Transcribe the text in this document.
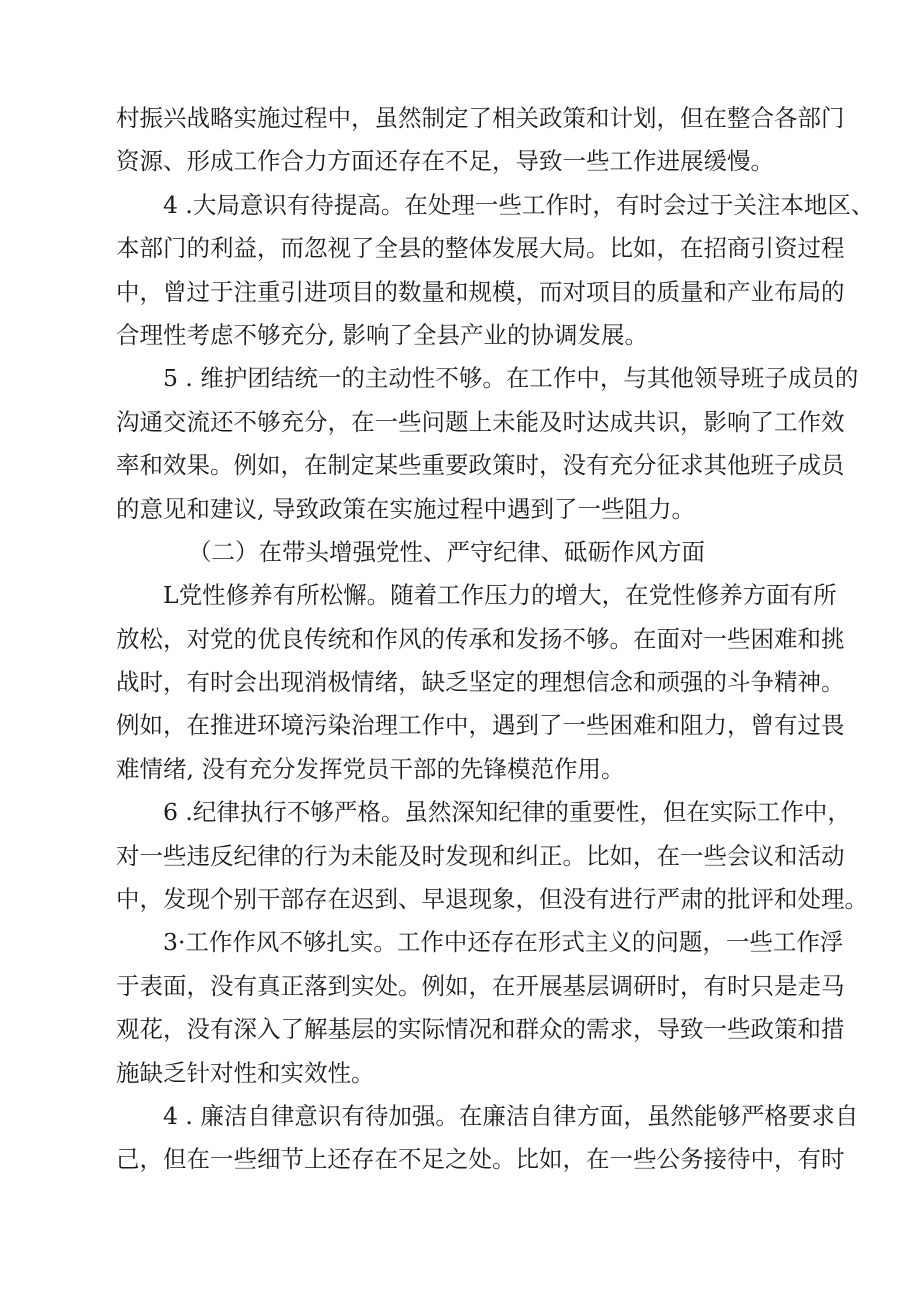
村振兴战略实施过程中，虽然制定了相关政策和计划，但在整合各部门
资源、形成工作合力方面还存在不足，导致一些工作进展缓慢。
4 .大局意识有待提高。在处理一些工作时，有时会过于关注本地区、
本部门的利益，而忽视了全县的整体发展大局。比如，在招商引资过程
中，曾过于注重引进项目的数量和规模，而对项目的质量和产业布局的
合理性考虑不够充分, 影响了全县产业的协调发展。
5 . 维护团结统一的主动性不够。在工作中，与其他领导班子成员的
沟通交流还不够充分，在一些问题上未能及时达成共识，影响了工作效
率和效果。例如，在制定某些重要政策时，没有充分征求其他班子成员
的意见和建议, 导致政策在实施过程中遇到了一些阻力。
（二）在带头增强党性、严守纪律、砥砺作风方面
L党性修养有所松懈。随着工作压力的增大，在党性修养方面有所
放松，对党的优良传统和作风的传承和发扬不够。在面对一些困难和挑
战时，有时会出现消极情绪，缺乏坚定的理想信念和顽强的斗争精神。
例如，在推进环境污染治理工作中，遇到了一些困难和阻力，曾有过畏
难情绪, 没有充分发挥党员干部的先锋模范作用。
6 .纪律执行不够严格。虽然深知纪律的重要性，但在实际工作中，
对一些违反纪律的行为未能及时发现和纠正。比如，在一些会议和活动
中，发现个别干部存在迟到、早退现象，但没有进行严肃的批评和处理。
3·工作作风不够扎实。工作中还存在形式主义的问题，一些工作浮
于表面，没有真正落到实处。例如，在开展基层调研时，有时只是走马
观花，没有深入了解基层的实际情况和群众的需求，导致一些政策和措
施缺乏针对性和实效性。
4 . 廉洁自律意识有待加强。在廉洁自律方面，虽然能够严格要求自
己，但在一些细节上还存在不足之处。比如，在一些公务接待中，有时
